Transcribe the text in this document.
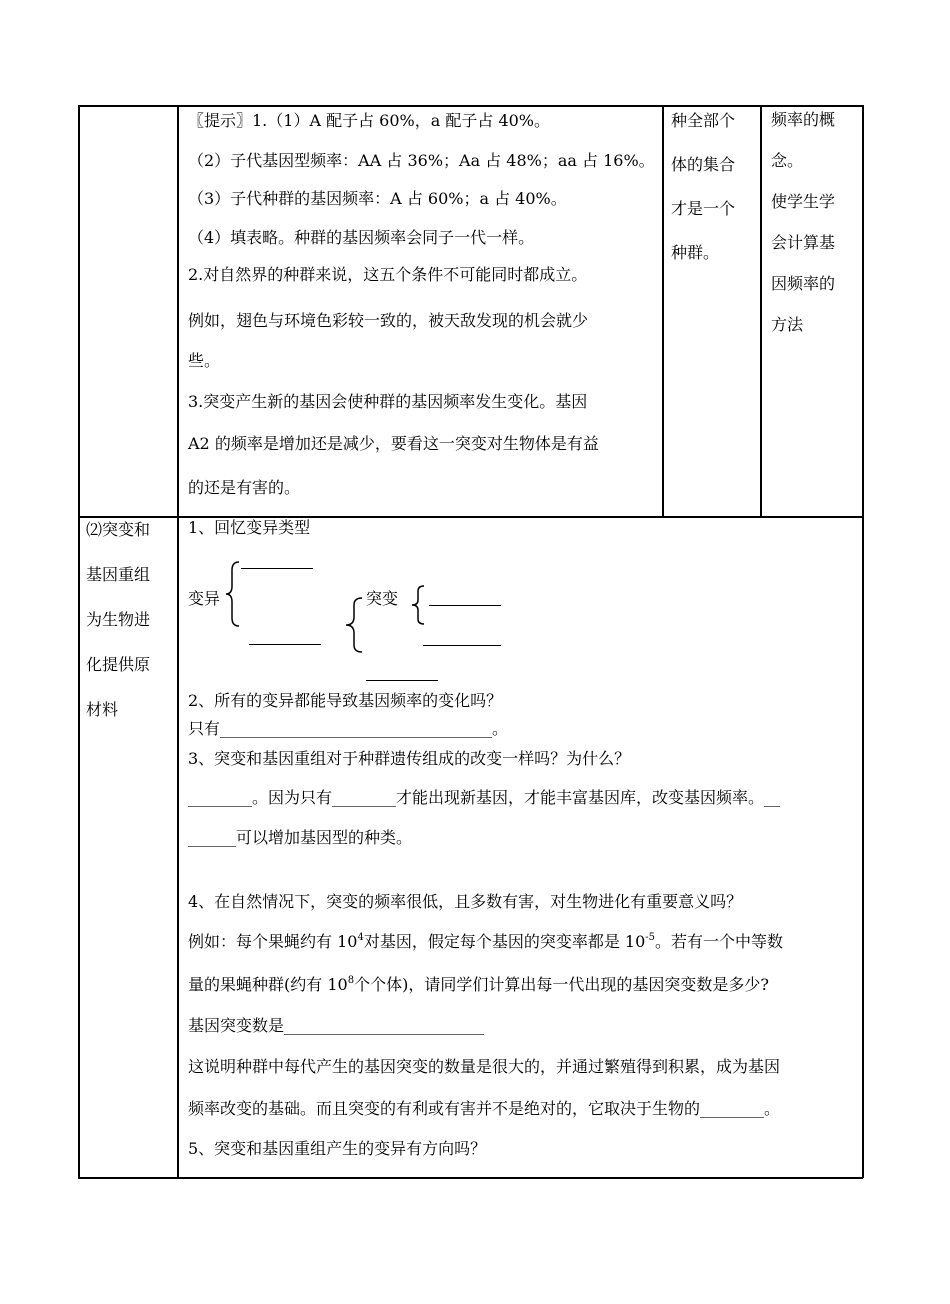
〖提示〗1.（1）A 配子占 60%，a 配子占 40%。
（2）子代基因型频率：AA 占 36%；Aa 占 48%；aa 占 16%。
（3）子代种群的基因频率：A 占 60%；a 占 40%。
（4）填表略。种群的基因频率会同子一代一样。
2.对自然界的种群来说，这五个条件不可能同时都成立。
例如，翅色与环境色彩较一致的，被天敌发现的机会就少
些。
3.突变产生新的基因会使种群的基因频率发生变化。基因
A2 的频率是增加还是减少，要看这一突变对生物体是有益
的还是有害的。
种全部个
体的集合
才是一个
种群。
频率的概
念。
使学生学
会计算基
因频率的
方法
⑵突变和
基因重组
为生物进
化提供原
材料
1、回忆变异类型
变异	突变
2、所有的变异都能导致基因频率的变化吗？
只有__________________________________。
3、突变和基因重组对于种群遗传组成的改变一样吗？为什么？
________。因为只有________才能出现新基因，才能丰富基因库，改变基因频率。__
______可以增加基因型的种类。
4、在自然情况下，突变的频率很低，且多数有害，对生物进化有重要意义吗？
例如：每个果蝇约有 $10^4$对基因，假定每个基因的突变率都是 $10^{-5}$。若有一个中等数
量的果蝇种群(约有 $10^8$个个体)，请同学们计算出每一代出现的基因突变数是多少?
基因突变数是_________________________
这说明种群中每代产生的基因突变的数量是很大的，并通过繁殖得到积累，成为基因
频率改变的基础。而且突变的有利或有害并不是绝对的，它取决于生物的________。
5、突变和基因重组产生的变异有方向吗？
